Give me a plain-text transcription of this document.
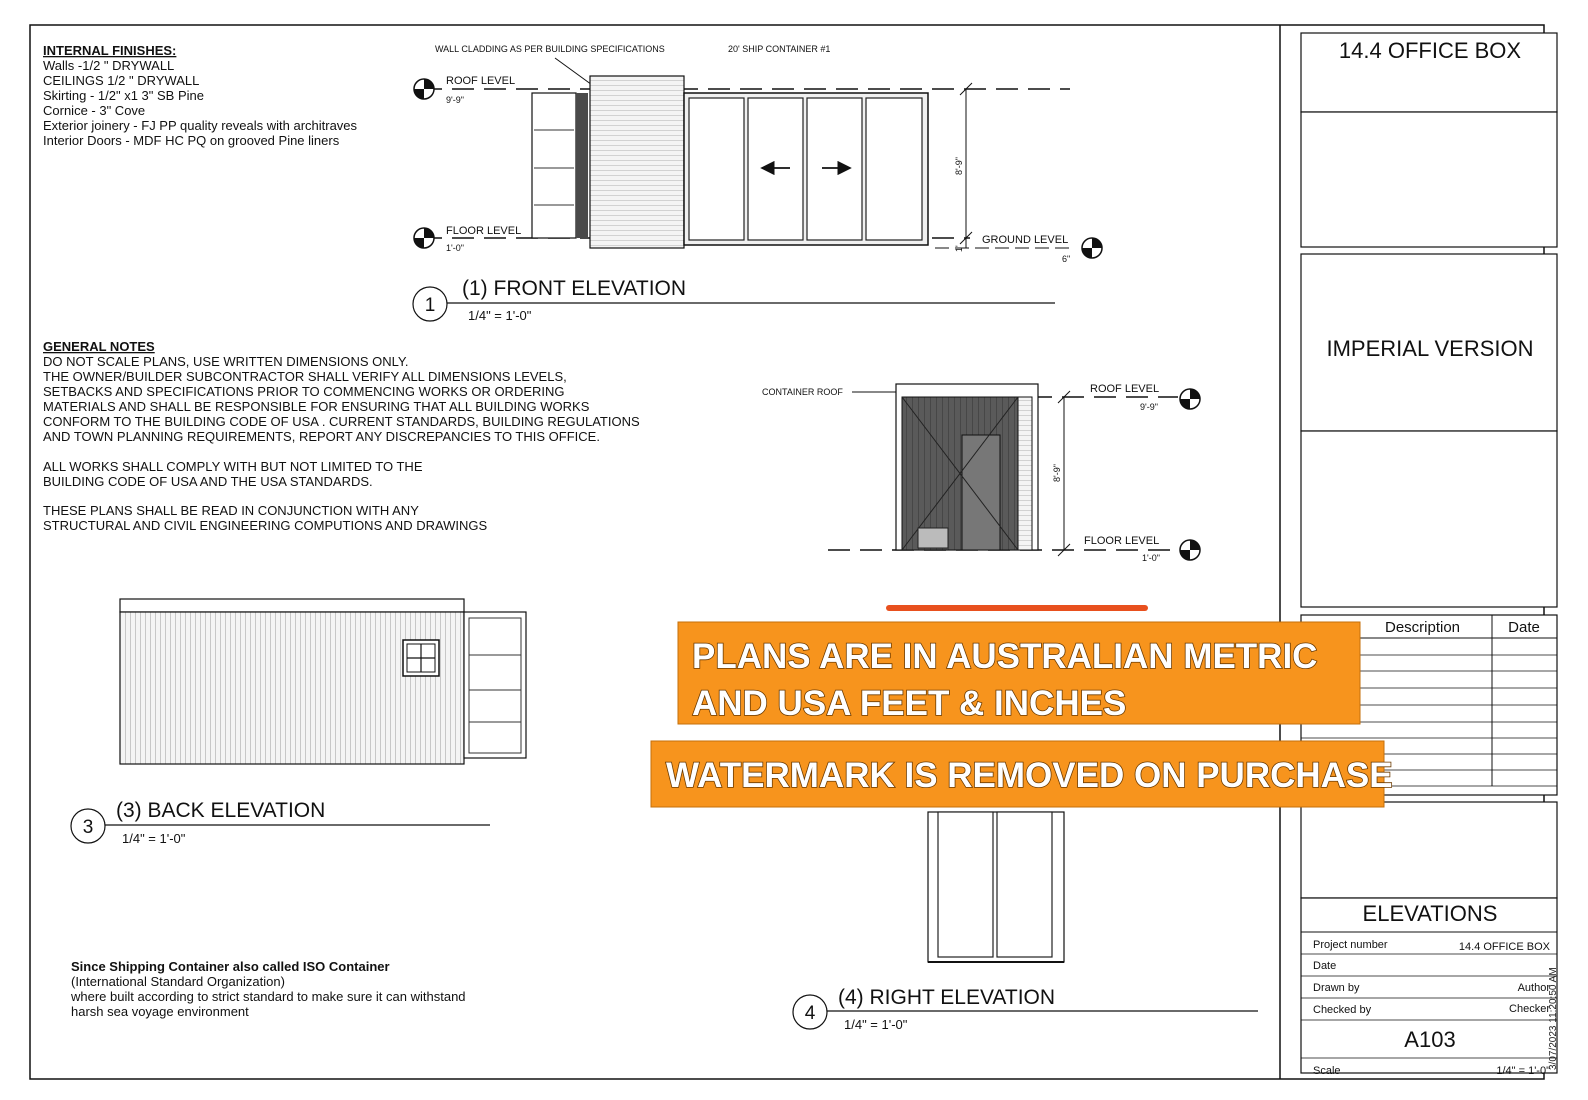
INTERNAL FINISHES:
Walls -1/2 " DRYWALL
CEILINGS 1/2 " DRYWALL
Skirting - 1/2" x1 3" SB Pine
Cornice - 3" Cove
Exterior joinery - FJ PP quality reveals with architraves
Interior Doors - MDF HC PQ on grooved Pine liners
WALL CLADDING AS PER BUILDING SPECIFICATIONS	20' SHIP CONTAINER #1
ROOF LEVEL
9'-9"
FLOOR LEVEL
1'-0"
GROUND LEVEL
6"
8'-9"
1'
1
(1) FRONT ELEVATION
1/4" = 1'-0"
GENERAL NOTES
DO NOT SCALE PLANS, USE WRITTEN DIMENSIONS ONLY.
THE OWNER/BUILDER SUBCONTRACTOR SHALL VERIFY ALL DIMENSIONS LEVELS,
SETBACKS AND SPECIFICATIONS PRIOR TO COMMENCING WORKS OR ORDERING
MATERIALS AND SHALL BE RESPONSIBLE FOR ENSURING THAT ALL BUILDING WORKS
CONFORM TO THE BUILDING CODE OF USA . CURRENT STANDARDS, BUILDING REGULATIONS
AND TOWN PLANNING REQUIREMENTS, REPORT ANY DISCREPANCIES TO THIS OFFICE.
ALL WORKS SHALL COMPLY WITH BUT NOT LIMITED TO THE
BUILDING CODE OF USA AND THE USA STANDARDS.
THESE PLANS SHALL BE READ IN CONJUNCTION WITH ANY
STRUCTURAL AND CIVIL ENGINEERING COMPUTIONS AND DRAWINGS
CONTAINER ROOF	ROOF LEVEL
9'-9"
FLOOR LEVEL
1'-0"
8'-9"
3
(3) BACK ELEVATION
1/4" = 1'-0"
4
(4) RIGHT ELEVATION
1/4" = 1'-0"
Since Shipping Container also called ISO Container
(International Standard Organization)
where built according to strict standard to make sure it can withstand
harsh sea voyage environment
14.4 OFFICE BOX
IMPERIAL VERSION
Description	Date
ELEVATIONS
Project number	14.4 OFFICE BOX
Date
Drawn by	Author
Checked by	Checker
A103
Scale	1/4" = 1'-0"
PLANS ARE IN AUSTRALIAN METRIC
AND USA FEET & INCHES
WATERMARK IS REMOVED ON PURCHASE
3/07/2023 11:20:50 AM
